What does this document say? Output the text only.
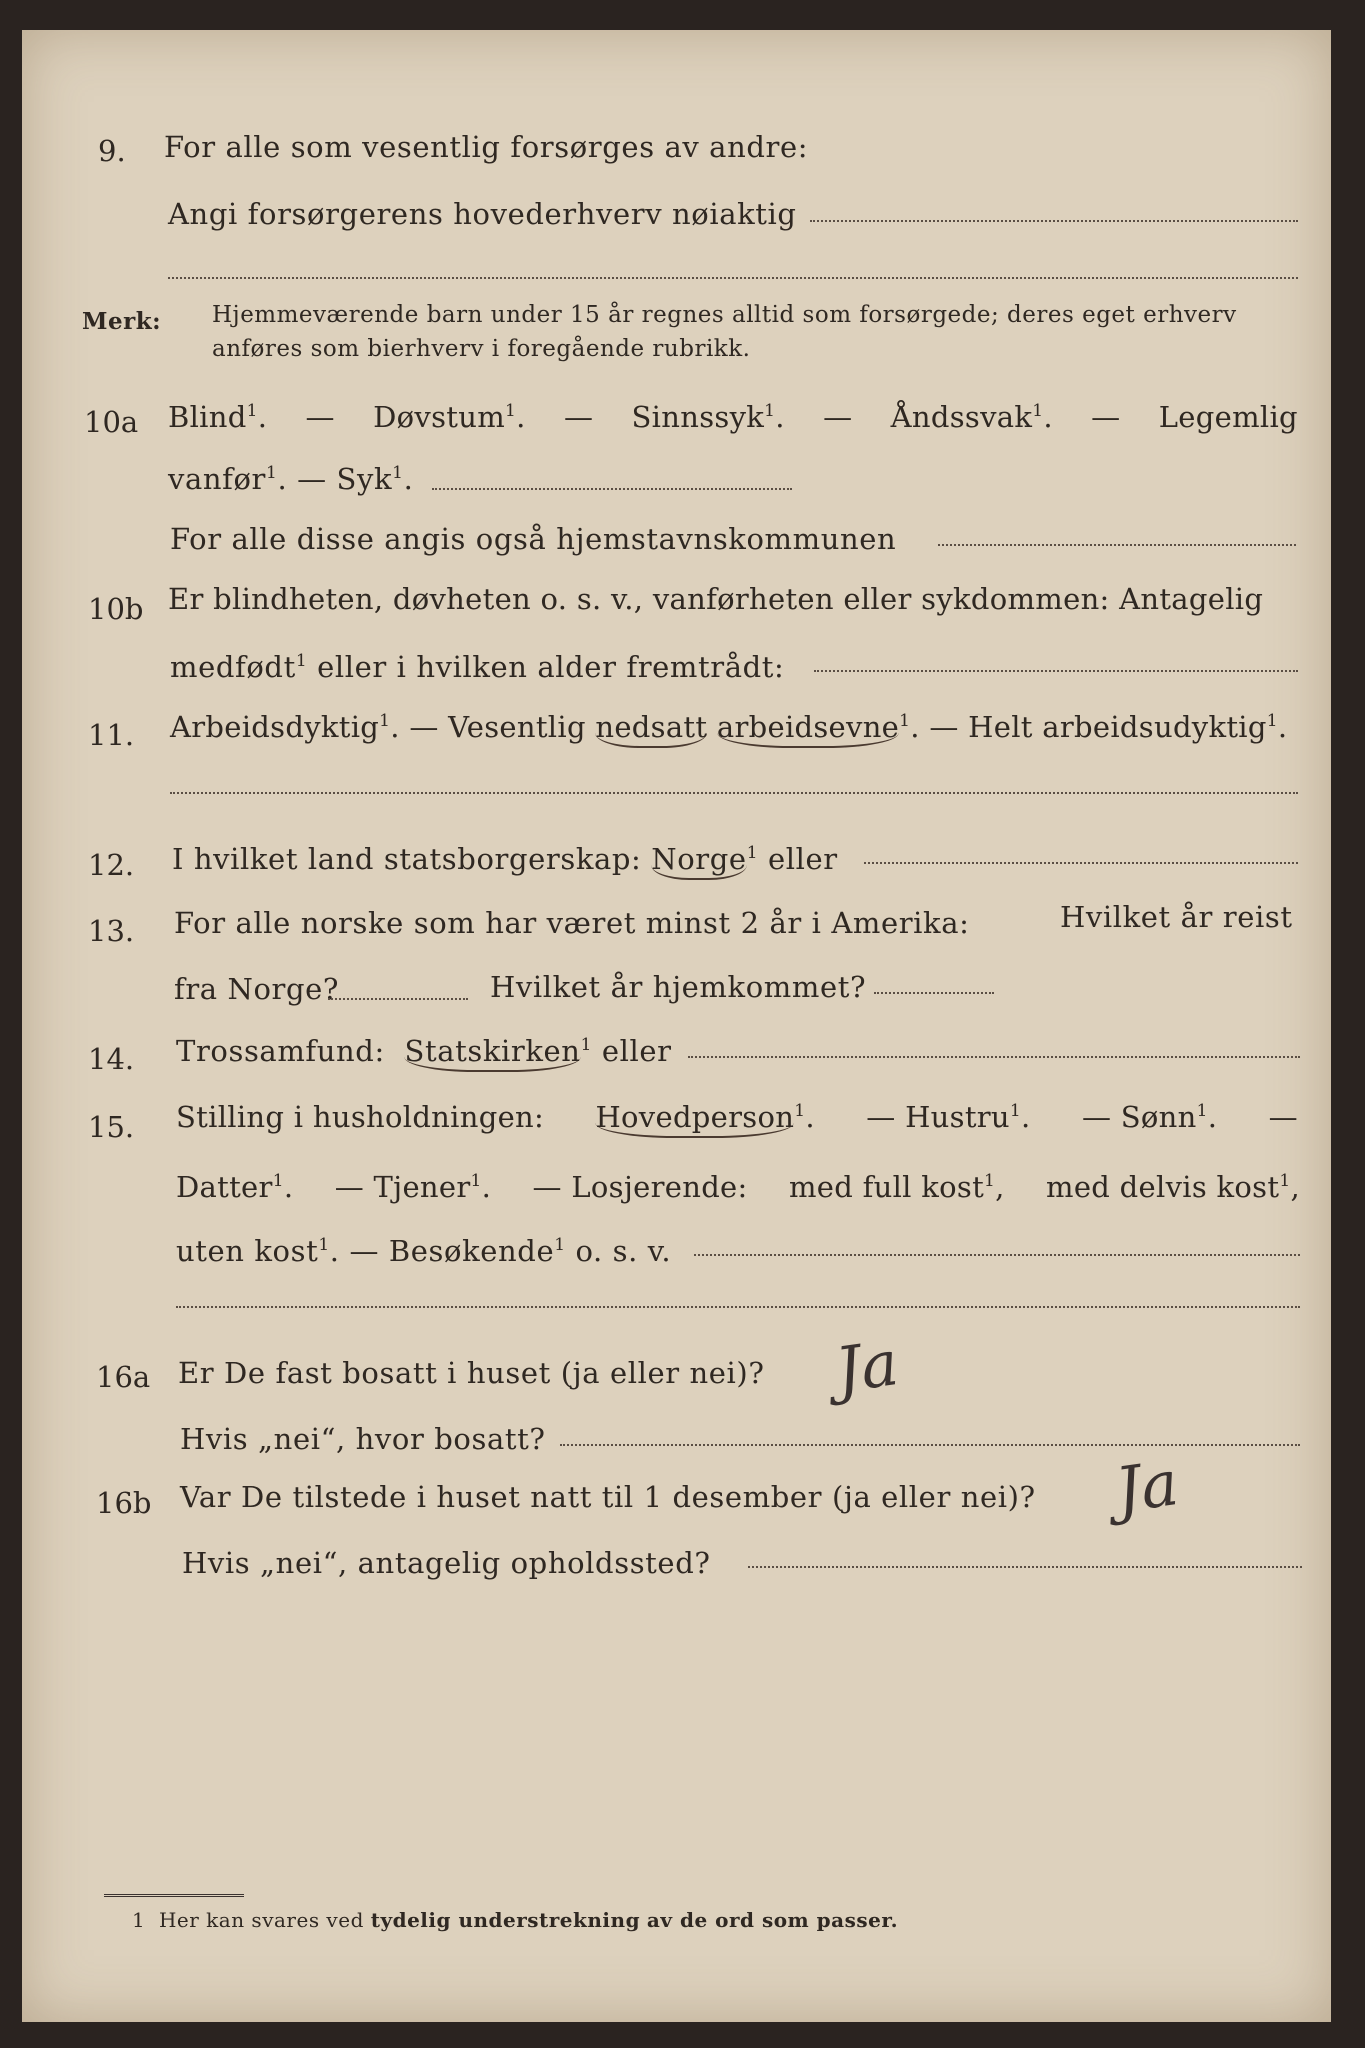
9. For alle som vesentlig forsørges av andre:
Angi forsørgerens hovederhverv nøiaktig
Merk: Hjemmeværende barn under 15 år regnes alltid som forsørgede; deres eget erhverv
anføres som bierhverv i foregående rubrikk.
10a Blind$^1$. — Døvstum$^1$. — Sinnssyk$^1$. — Åndssvak$^1$. — Legemlig
vanfør$^1$. — Syk$^1$.
For alle disse angis også hjemstavnskommunen
10b Er blindheten, døvheten o. s. v., vanførheten eller sykdommen: Antagelig
medfødt$^1$ eller i hvilken alder fremtrådt:
11. Arbeidsdyktig$^1$. — Vesentlig nedsatt arbeidsevne$^1$. — Helt arbeidsudyktig$^1$.
12. I hvilket land statsborgerskap: Norge$^1$ eller
13. For alle norske som har været minst 2 år i Amerika:	Hvilket år reist
fra Norge?	Hvilket år hjemkommet?
14. Trossamfund: Statskirken$^1$ eller
15. Stilling i husholdningen: Hovedperson$^1$. — Hustru$^1$. — Sønn$^1$. —
Datter$^1$. — Tjener$^1$. — Losjerende: med full kost$^1$, med delvis kost$^1$,
uten kost$^1$. — Besøkende$^1$ o. s. v.
16a Er De fast bosatt i huset (ja eller nei)? Ja
Hvis „nei“, hvor bosatt?
16b Var De tilstede i huset natt til 1 desember (ja eller nei)? Ja
Hvis „nei“, antagelig opholdssted?
1 Her kan svares ved tydelig understrekning av de ord som passer.
